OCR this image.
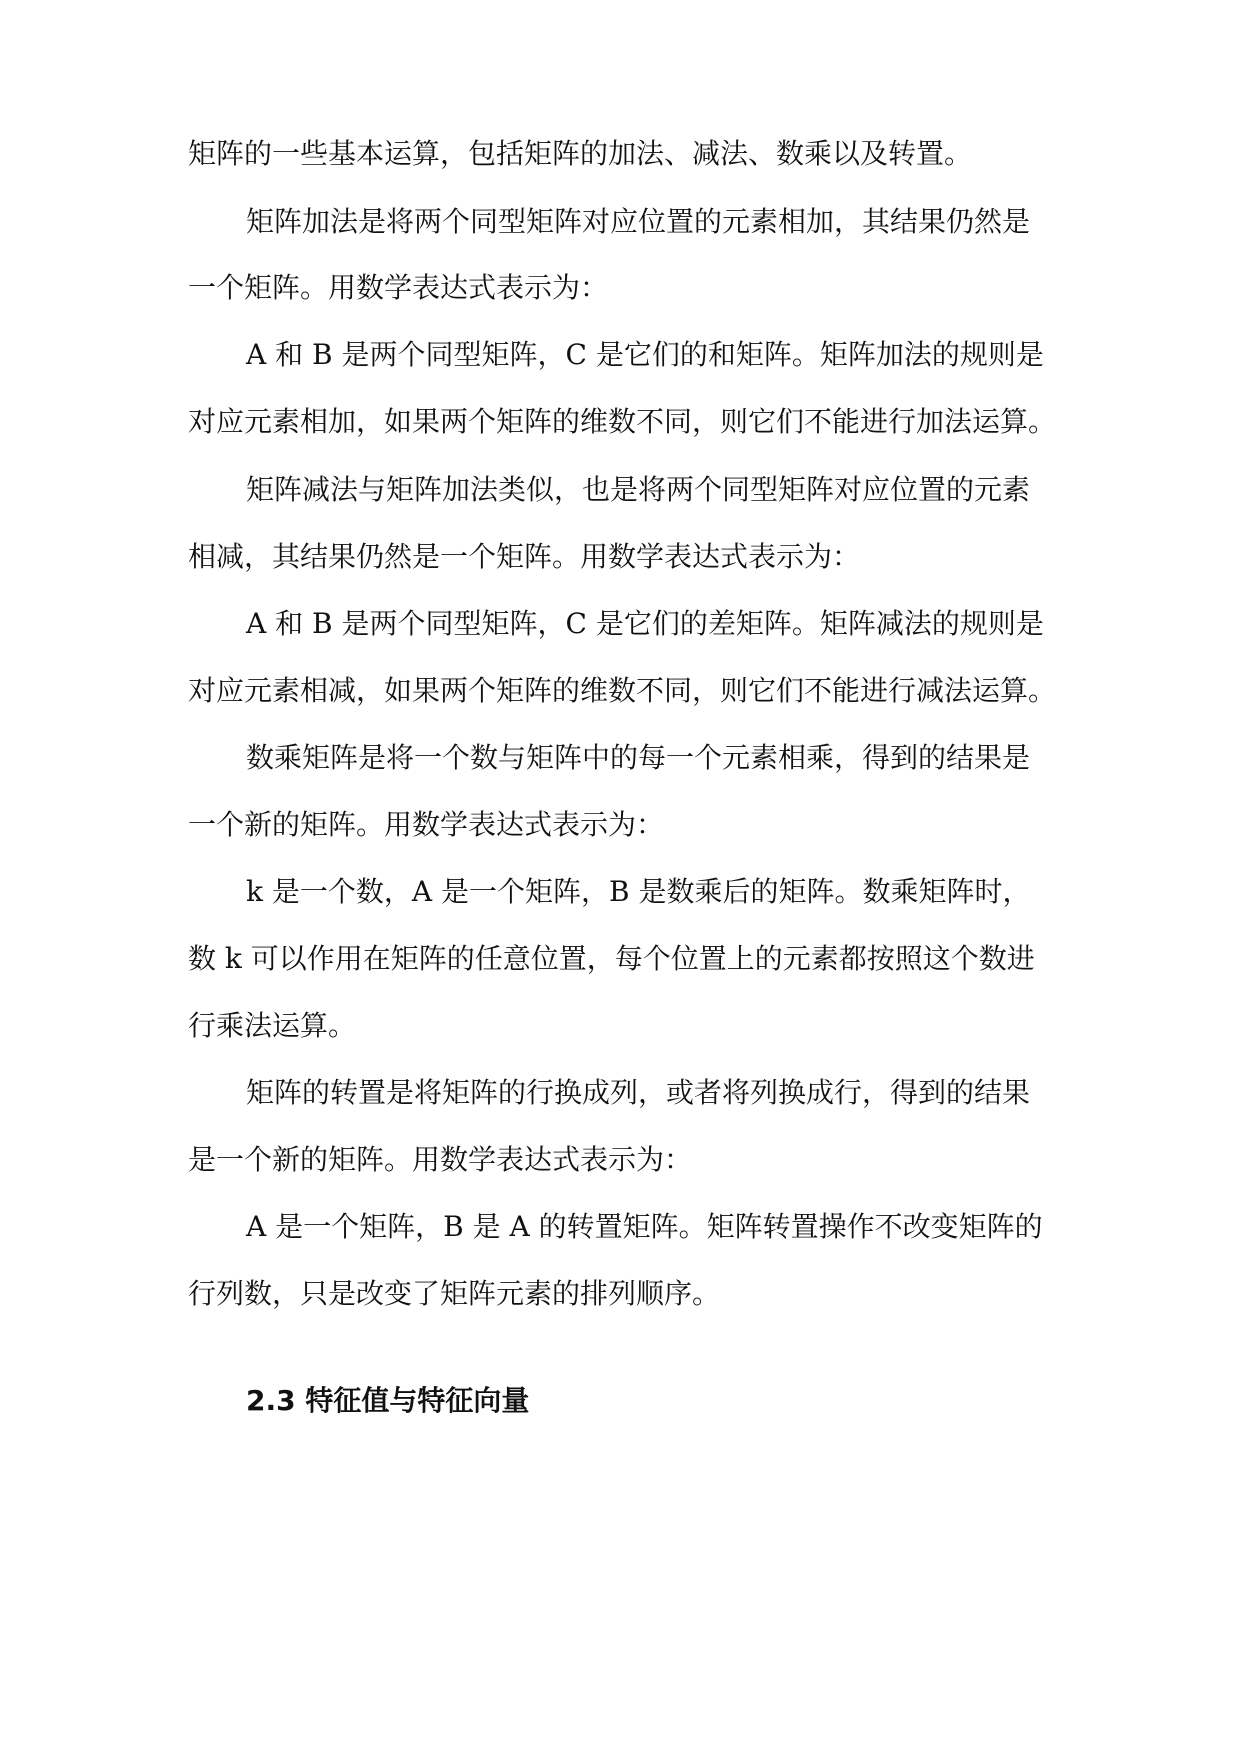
矩阵的一些基本运算，包括矩阵的加法、减法、数乘以及转置。
矩阵加法是将两个同型矩阵对应位置的元素相加，其结果仍然是
一个矩阵。用数学表达式表示为：
A 和 B 是两个同型矩阵，C 是它们的和矩阵。矩阵加法的规则是
对应元素相加，如果两个矩阵的维数不同，则它们不能进行加法运算。
矩阵减法与矩阵加法类似，也是将两个同型矩阵对应位置的元素
相减，其结果仍然是一个矩阵。用数学表达式表示为：
A 和 B 是两个同型矩阵，C 是它们的差矩阵。矩阵减法的规则是
对应元素相减，如果两个矩阵的维数不同，则它们不能进行减法运算。
数乘矩阵是将一个数与矩阵中的每一个元素相乘，得到的结果是
一个新的矩阵。用数学表达式表示为：
k 是一个数，A 是一个矩阵，B 是数乘后的矩阵。数乘矩阵时，
数 k 可以作用在矩阵的任意位置，每个位置上的元素都按照这个数进
行乘法运算。
矩阵的转置是将矩阵的行换成列，或者将列换成行，得到的结果
是一个新的矩阵。用数学表达式表示为：
A 是一个矩阵，B 是 A 的转置矩阵。矩阵转置操作不改变矩阵的
行列数，只是改变了矩阵元素的排列顺序。
2.3 特征值与特征向量
